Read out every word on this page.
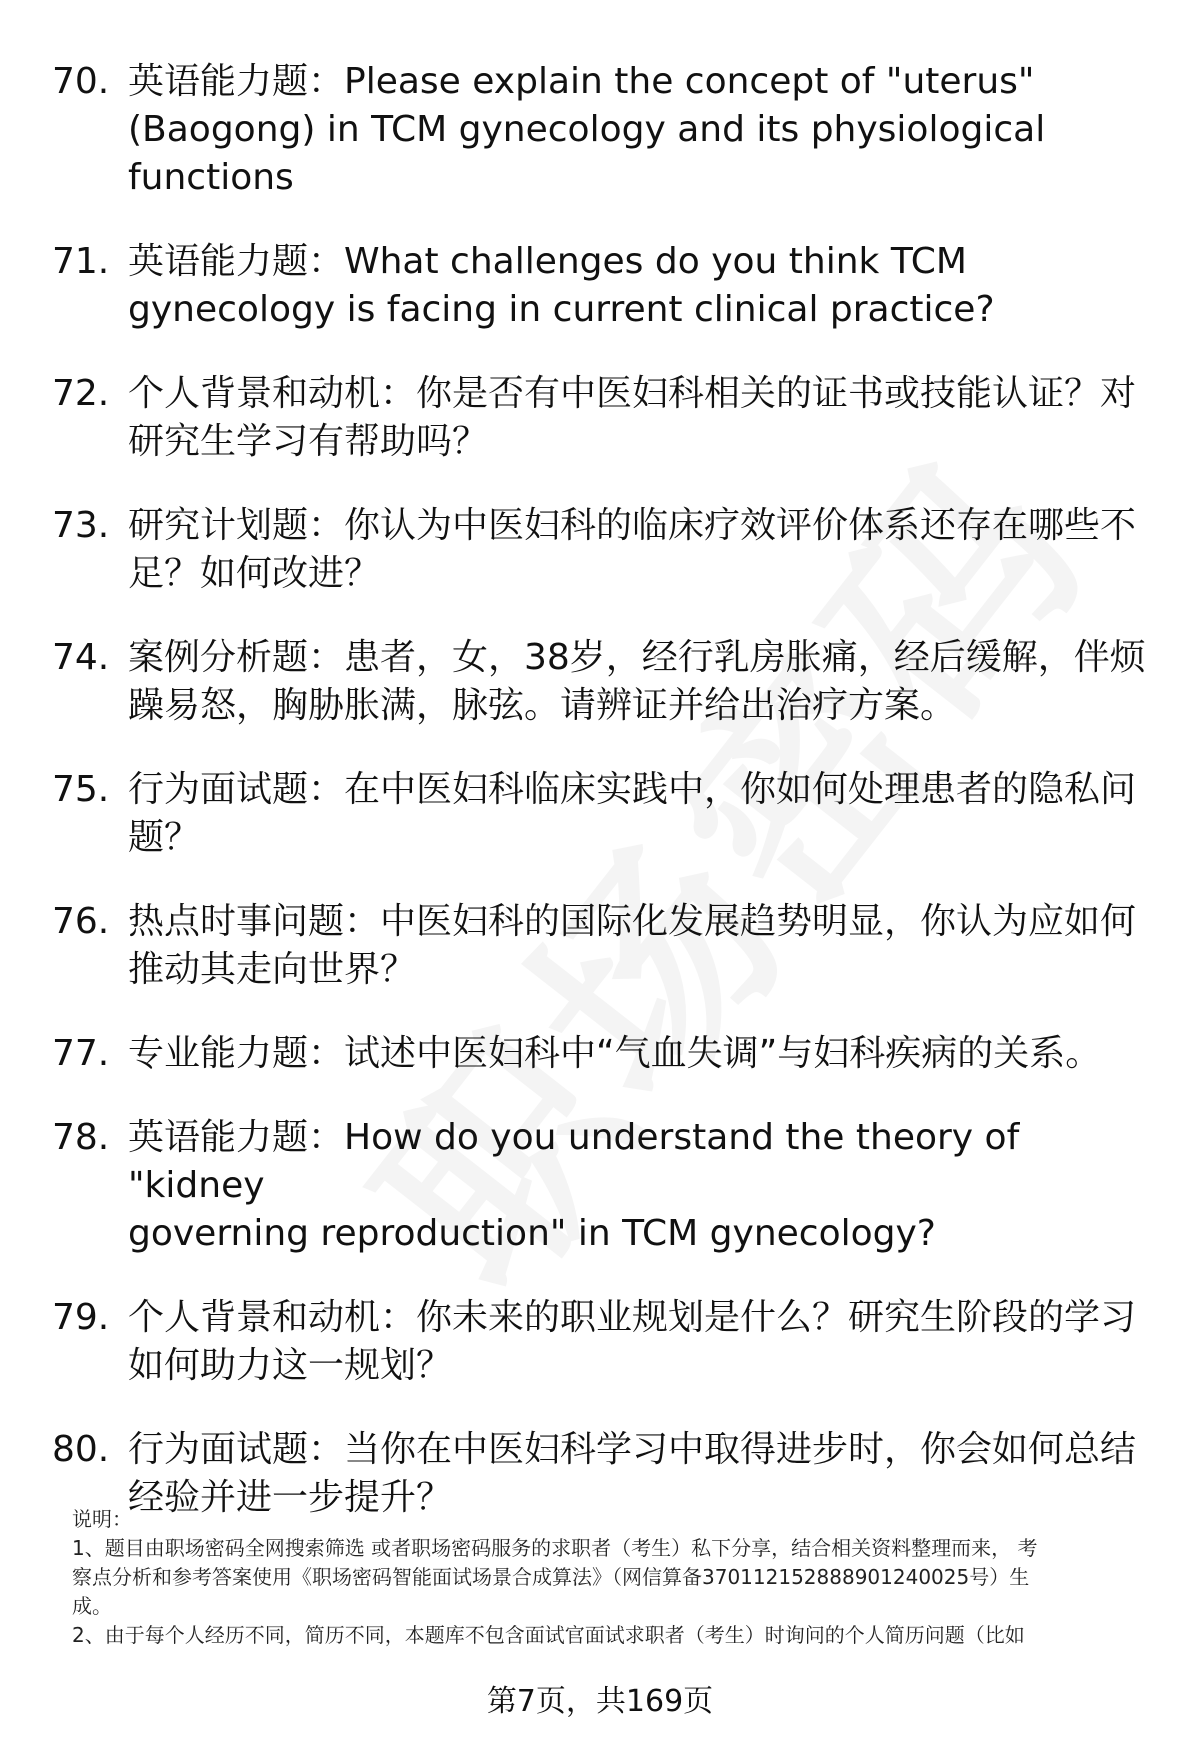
70. 英语能力题：Please explain the concept of "uterus"
(Baogong) in TCM gynecology and its physiological
functions
71. 英语能力题：What challenges do you think TCM
gynecology is facing in current clinical practice?
72. 个人背景和动机：你是否有中医妇科相关的证书或技能认证？对
研究生学习有帮助吗？
73. 研究计划题：你认为中医妇科的临床疗效评价体系还存在哪些不
足？如何改进？
74. 案例分析题：患者，女，38岁，经行乳房胀痛，经后缓解，伴烦
躁易怒，胸胁胀满，脉弦。请辨证并给出治疗方案。
75. 行为面试题：在中医妇科临床实践中，你如何处理患者的隐私问
题？
76. 热点时事问题：中医妇科的国际化发展趋势明显，你认为应如何
推动其走向世界？
77. 专业能力题：试述中医妇科中“气血失调”与妇科疾病的关系。
78. 英语能力题：How do you understand the theory of "kidney
governing reproduction" in TCM gynecology?
79. 个人背景和动机：你未来的职业规划是什么？研究生阶段的学习
如何助力这一规划？
80. 行为面试题：当你在中医妇科学习中取得进步时，你会如何总结
经验并进一步提升？

说明：

1、题目由职场密码全网搜索筛选 或者职场密码服务的求职者（考生）私下分享，结合相关资料整理而来， 考

察点分析和参考答案使用《职场密码智能面试场景合成算法》（网信算备370112152888901240025号）生

成。

2、由于每个人经历不同，简历不同，本题库不包含面试官面试求职者（考生）时询问的个人简历问题（比如

第7页，共169页
